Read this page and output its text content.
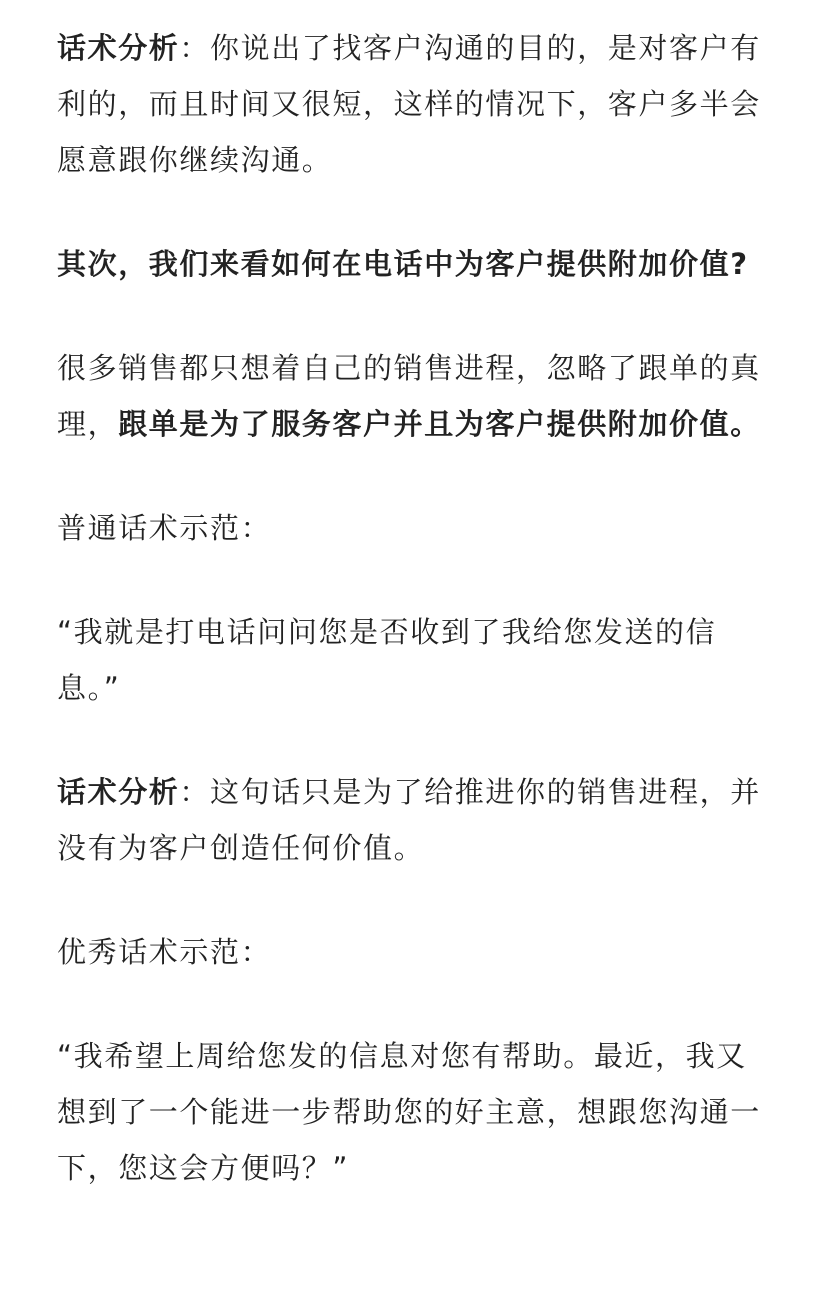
话术分析：你说出了找客户沟通的目的，是对客户有利的，而且时间又很短，这样的情况下，客户多半会愿意跟你继续沟通。

其次，我们来看如何在电话中为客户提供附加价值?

很多销售都只想着自己的销售进程，忽略了跟单的真理，跟单是为了服务客户并且为客户提供附加价值。

普通话术示范：

“我就是打电话问问您是否收到了我给您发送的信息。”

话术分析：这句话只是为了给推进你的销售进程，并没有为客户创造任何价值。

优秀话术示范：

“我希望上周给您发的信息对您有帮助。最近，我又想到了一个能进一步帮助您的好主意，想跟您沟通一下，您这会方便吗？”
